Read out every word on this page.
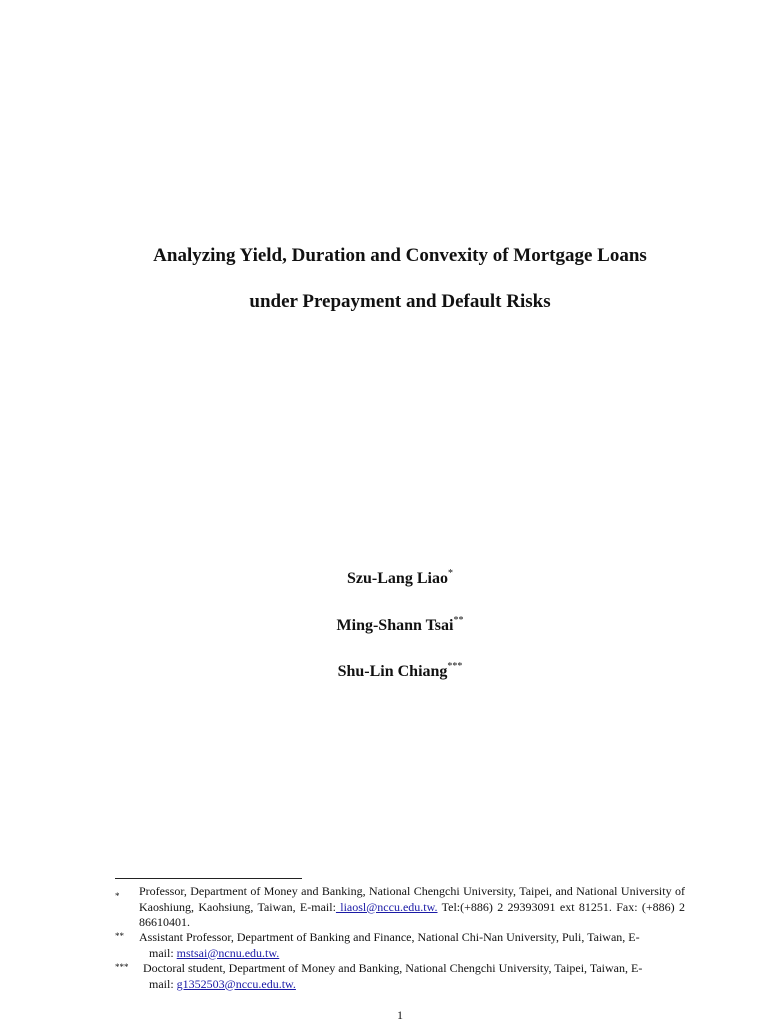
Analyzing Yield, Duration and Convexity of Mortgage Loans
under Prepayment and Default Risks
Szu-Lang Liao*
Ming-Shann Tsai**
Shu-Lin Chiang***
* Professor, Department of Money and Banking, National Chengchi University, Taipei, and National University of Kaoshiung, Kaohsiung, Taiwan, E-mail: liaosl@nccu.edu.tw. Tel:(+886) 2 29393091 ext 81251. Fax: (+886) 2 86610401.
** Assistant Professor, Department of Banking and Finance, National Chi-Nan University, Puli, Taiwan, E-
mail: mstsai@ncnu.edu.tw.
*** Doctoral student, Department of Money and Banking, National Chengchi University, Taipei, Taiwan, E-
mail: g1352503@nccu.edu.tw.
1
